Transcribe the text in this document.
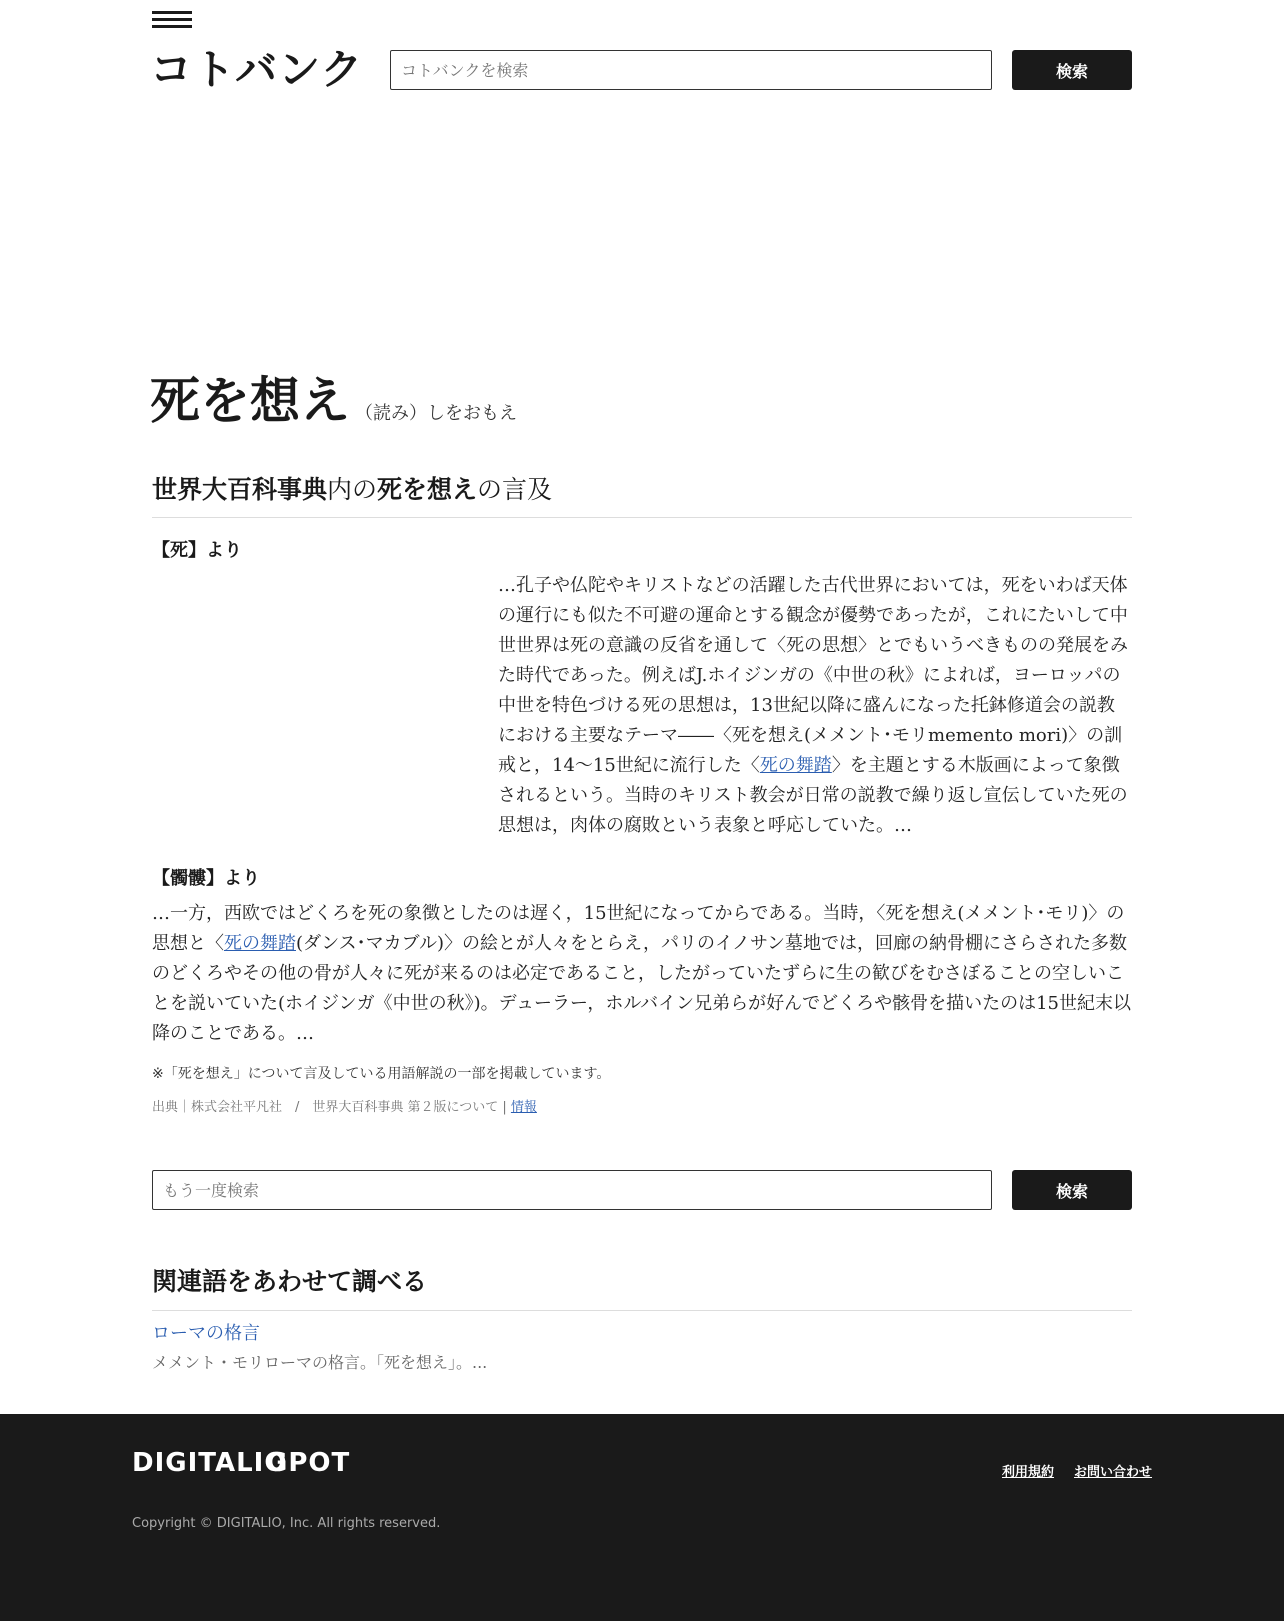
コトバンク
コトバンクを検索	検索
死を想え （読み）しをおもえ
世界大百科事典内の死を想えの言及
【死】より

…孔子や仏陀やキリストなどの活躍した古代世界においては，死をいわば天体の運行にも似た不可避の運命とする観念が優勢であったが，これにたいして中世世界は死の意識の反省を通して〈死の思想〉とでもいうべきものの発展をみた時代であった。例えばJ.ホイジンガの《中世の秋》によれば，ヨーロッパの中世を特色づける死の思想は，13世紀以降に盛んになった托鉢修道会の説教における主要なテーマ――〈死を想え(メメント･モリmemento mori)〉の訓戒と，14～15世紀に流行した〈死の舞踏〉を主題とする木版画によって象徴されるという。当時のキリスト教会が日常の説教で繰り返し宣伝していた死の思想は，肉体の腐敗という表象と呼応していた。…

【髑髏】より

…一方，西欧ではどくろを死の象徴としたのは遅く，15世紀になってからである。当時，〈死を想え(メメント･モリ)〉の思想と〈死の舞踏(ダンス･マカブル)〉の絵とが人々をとらえ，パリのイノサン墓地では，回廊の納骨棚にさらされた多数のどくろやその他の骨が人々に死が来るのは必定であること，したがっていたずらに生の歓びをむさぼることの空しいことを説いていた(ホイジンガ《中世の秋》)。デューラー，ホルバイン兄弟らが好んでどくろや骸骨を描いたのは15世紀末以降のことである。…

※「死を想え」について言及している用語解説の一部を掲載しています。
出典｜株式会社平凡社　/　世界大百科事典 第２版について | 情報
もう一度検索
検索
関連語をあわせて調べる
ローマの格言
メメント・モリローマの格言。「死を想え」。...
DIGITALIO
GPOT	利用規約 お問い合わせ
Copyright © DIGITALIO, Inc. All rights reserved.
